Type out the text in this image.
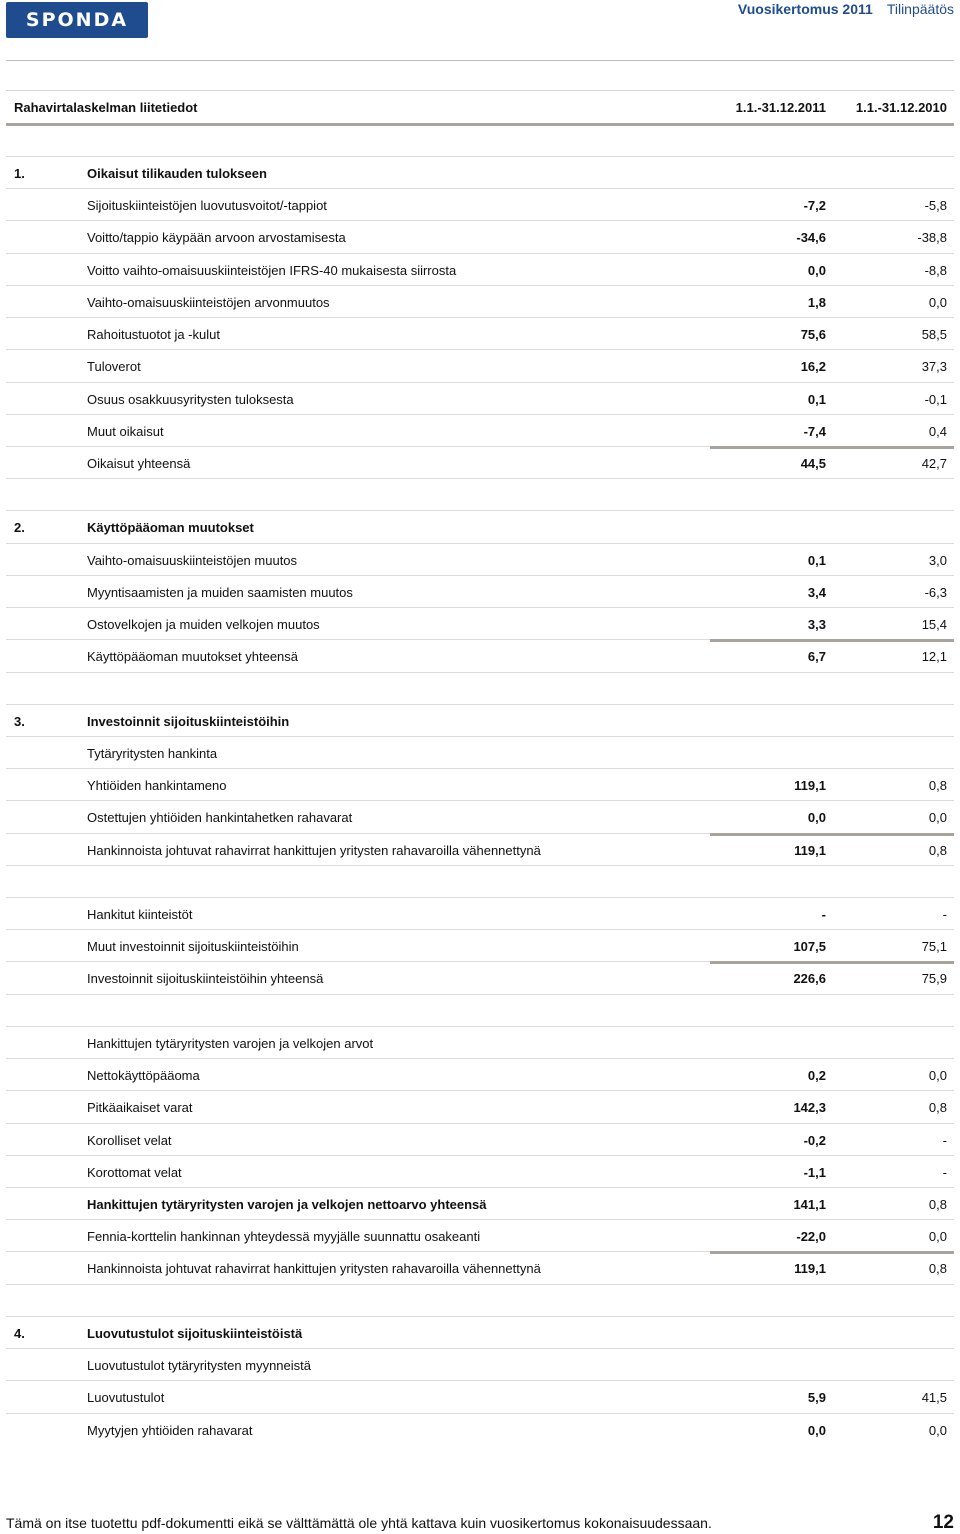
SPONDA	Vuosikertomus 2011 Tilinpäätös
Rahavirtalaskelman liitetiedot	1.1.-31.12.2011 1.1.-31.12.2010
1.	Oikaisut tilikauden tulokseen
Sijoituskiinteistöjen luovutusvoitot/-tappiot	-7,2	-5,8
Voitto/tappio käypään arvoon arvostamisesta	-34,6	-38,8
Voitto vaihto-omaisuuskiinteistöjen IFRS-40 mukaisesta siirrosta	0,0	-8,8
Vaihto-omaisuuskiinteistöjen arvonmuutos	1,8	0,0
Rahoitustuotot ja -kulut	75,6	58,5
Tuloverot	16,2	37,3
Osuus osakkuusyritysten tuloksesta	0,1	-0,1
Muut oikaisut	-7,4	0,4
Oikaisut yhteensä	44,5	42,7
2.	Käyttöpääoman muutokset
Vaihto-omaisuuskiinteistöjen muutos	0,1	3,0
Myyntisaamisten ja muiden saamisten muutos	3,4	-6,3
Ostovelkojen ja muiden velkojen muutos	3,3	15,4
Käyttöpääoman muutokset yhteensä	6,7	12,1
3.	Investoinnit sijoituskiinteistöihin
Tytäryritysten hankinta
Yhtiöiden hankintameno	119,1	0,8
Ostettujen yhtiöiden hankintahetken rahavarat	0,0	0,0
Hankinnoista johtuvat rahavirrat hankittujen yritysten rahavaroilla vähennettynä	119,1	0,8
Hankitut kiinteistöt	-	-
Muut investoinnit sijoituskiinteistöihin	107,5	75,1
Investoinnit sijoituskiinteistöihin yhteensä	226,6	75,9
Hankittujen tytäryritysten varojen ja velkojen arvot
Nettokäyttöpääoma	0,2	0,0
Pitkäaikaiset varat	142,3	0,8
Korolliset velat	-0,2	-
Korottomat velat	-1,1	-
Hankittujen tytäryritysten varojen ja velkojen nettoarvo yhteensä	141,1	0,8
Fennia-korttelin hankinnan yhteydessä myyjälle suunnattu osakeanti	-22,0	0,0
Hankinnoista johtuvat rahavirrat hankittujen yritysten rahavaroilla vähennettynä	119,1	0,8
4.	Luovutustulot sijoituskiinteistöistä
Luovutustulot tytäryritysten myynneistä
Luovutustulot	5,9	41,5
Myytyjen yhtiöiden rahavarat	0,0	0,0
Tämä on itse tuotettu pdf-dokumentti eikä se välttämättä ole yhtä kattava kuin vuosikertomus kokonaisuudessaan.	12
